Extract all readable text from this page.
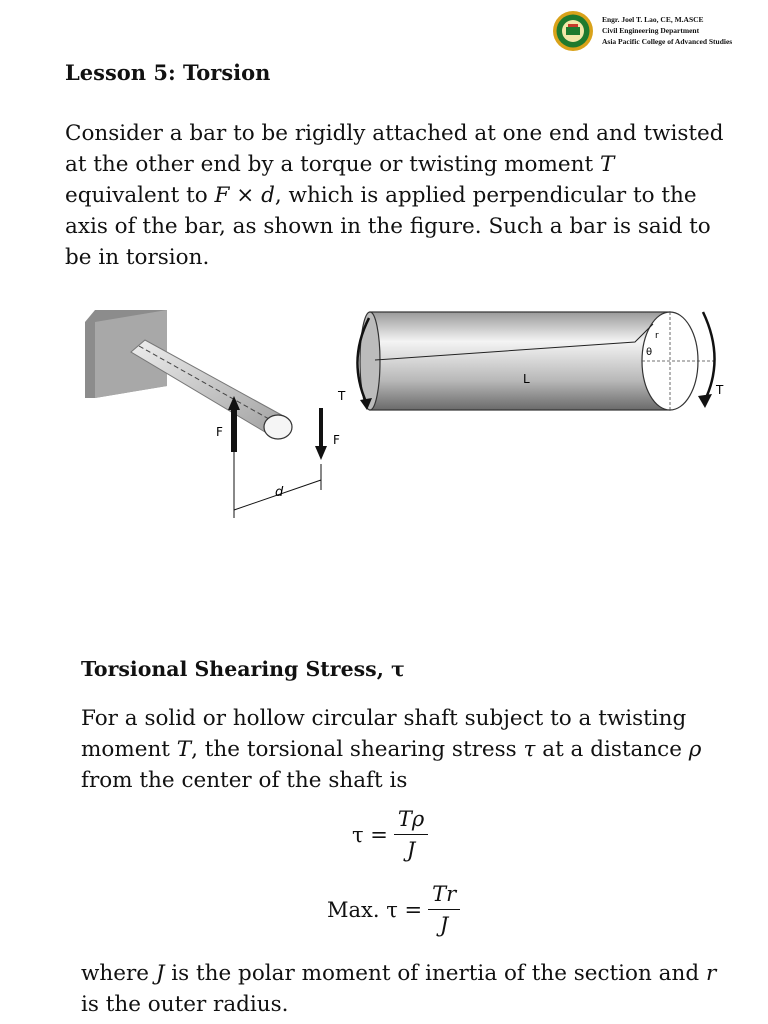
Engr. Joel T. Lao, CE, M.ASCE
Civil Engineering Department
Asia Pacific College of Advanced Studies
Lesson 5: Torsion
Consider a bar to be rigidly attached at one end and twisted at the other end by a torque or twisting moment T equivalent to F × d, which is applied perpendicular to the axis of the bar, as shown in the figure. Such a bar is said to be in torsion.
F
F
d
T	T
L
r
θ
Torsional Shearing Stress, τ
For a solid or hollow circular shaft subject to a twisting moment T, the torsional shearing stress τ at a distance ρ from the center of the shaft is
$\tau = \frac{T\rho}{J}$
Max. $\tau = \frac{Tr}{J}$
where J is the polar moment of inertia of the section and r is the outer radius.
